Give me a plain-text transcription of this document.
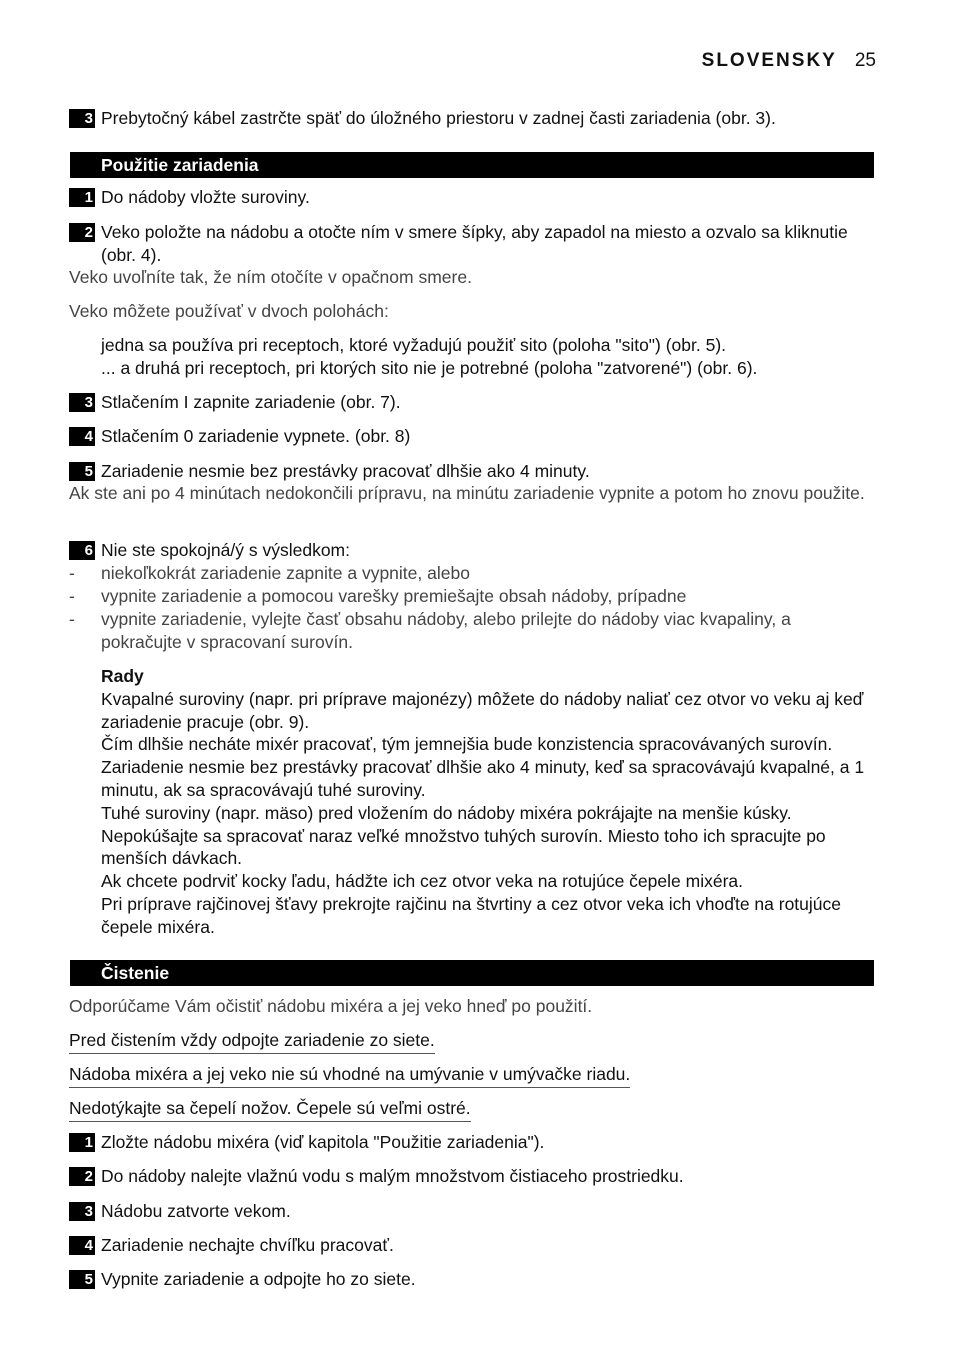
SLOVENSKY 25
3 Prebytočný kábel zastrčte späť do úložného priestoru v zadnej časti zariadenia (obr. 3).
Použitie zariadenia
1 Do nádoby vložte suroviny.
2 Veko položte na nádobu a otočte ním v smere šípky, aby zapadol na miesto a ozvalo sa kliknutie (obr. 4).
Veko uvoľníte tak, že ním otočíte v opačnom smere.
Veko môžete používať v dvoch polohách:
jedna sa používa pri receptoch, ktoré vyžadujú použiť sito (poloha "sito") (obr. 5).
... a druhá pri receptoch, pri ktorých sito nie je potrebné (poloha "zatvorené") (obr. 6).
3 Stlačením I zapnite zariadenie (obr. 7).
4 Stlačením 0 zariadenie vypnete. (obr. 8)
5 Zariadenie nesmie bez prestávky pracovať dlhšie ako 4 minuty.
Ak ste ani po 4 minútach nedokončili prípravu, na minútu zariadenie vypnite a potom ho znovu použite.
6 Nie ste spokojná/ý s výsledkom:
- niekoľkokrát zariadenie zapnite a vypnite, alebo
- vypnite zariadenie a pomocou varešky premiešajte obsah nádoby, prípadne
- vypnite zariadenie, vylejte časť obsahu nádoby, alebo prilejte do nádoby viac kvapaliny, a pokračujte v spracovaní surovín.
Rady
Kvapalné suroviny (napr. pri príprave majonézy) môžete do nádoby naliať cez otvor vo veku aj keď zariadenie pracuje (obr. 9).
Čím dlhšie necháte mixér pracovať, tým jemnejšia bude konzistencia spracovávaných surovín.
Zariadenie nesmie bez prestávky pracovať dlhšie ako 4 minuty, keď sa spracovávajú kvapalné, a 1 minutu, ak sa spracovávajú tuhé suroviny.
Tuhé suroviny (napr. mäso) pred vložením do nádoby mixéra pokrájajte na menšie kúsky.
Nepokúšajte sa spracovať naraz veľké množstvo tuhých surovín. Miesto toho ich spracujte po menších dávkach.
Ak chcete podrviť kocky ľadu, hádžte ich cez otvor veka na rotujúce čepele mixéra.
Pri príprave rajčinovej šťavy prekrojte rajčinu na štvrtiny a cez otvor veka ich vhoďte na rotujúce čepele mixéra.
Čistenie
Odporúčame Vám očistiť nádobu mixéra a jej veko hneď po použití.
Pred čistením vždy odpojte zariadenie zo siete.
Nádoba mixéra a jej veko nie sú vhodné na umývanie v umývačke riadu.
Nedotýkajte sa čepelí nožov. Čepele sú veľmi ostré.
1 Zložte nádobu mixéra (viď kapitola "Použitie zariadenia").
2 Do nádoby nalejte vlažnú vodu s malým množstvom čistiaceho prostriedku.
3 Nádobu zatvorte vekom.
4 Zariadenie nechajte chvíľku pracovať.
5 Vypnite zariadenie a odpojte ho zo siete.
